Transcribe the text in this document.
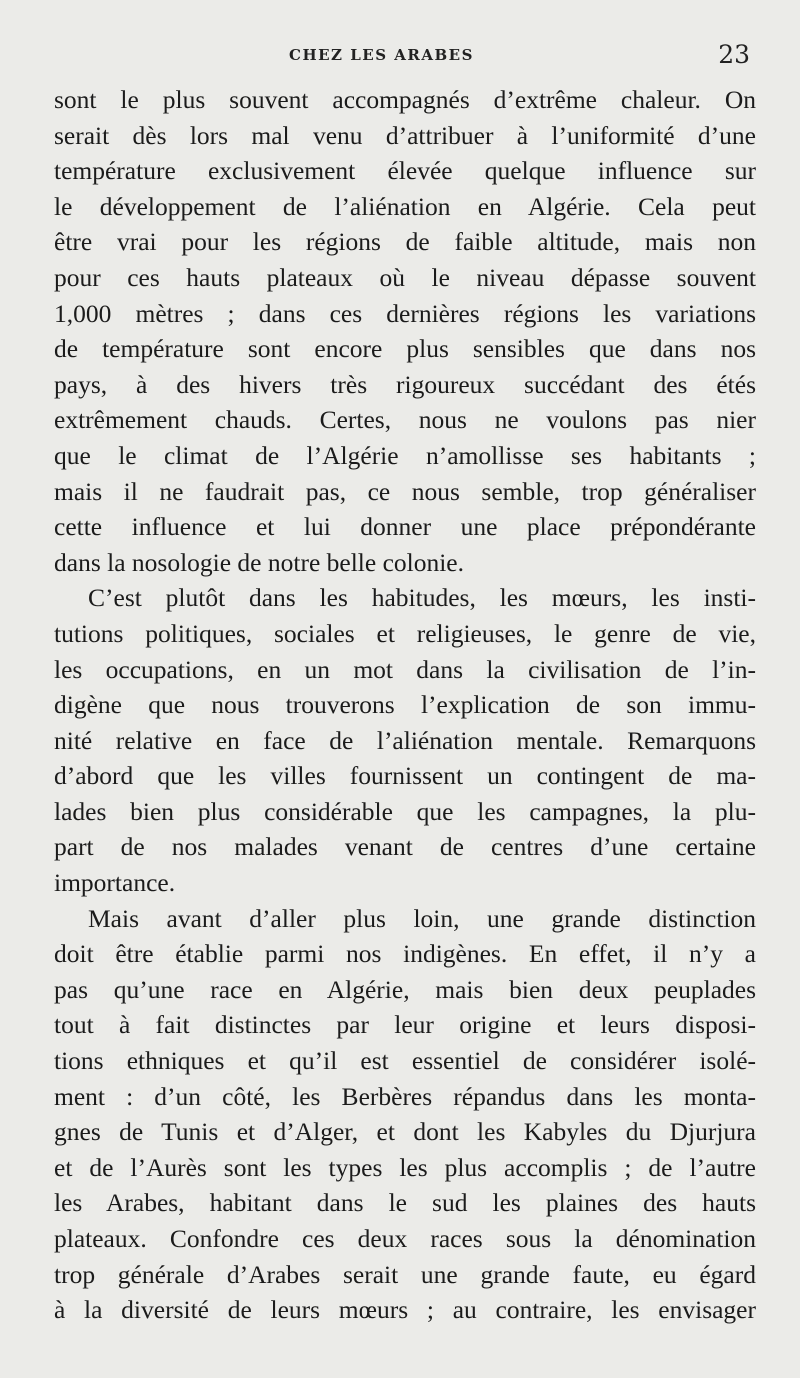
CHEZ LES ARABES	23
sont le plus souvent accompagnés d’extrême chaleur. On
serait dès lors mal venu d’attribuer à l’uniformité d’une
température exclusivement élevée quelque influence sur
le développement de l’aliénation en Algérie. Cela peut
être vrai pour les régions de faible altitude, mais non
pour ces hauts plateaux où le niveau dépasse souvent
1,000 mètres ; dans ces dernières régions les variations
de température sont encore plus sensibles que dans nos
pays, à des hivers très rigoureux succédant des étés
extrêmement chauds. Certes, nous ne voulons pas nier
que le climat de l’Algérie n’amollisse ses habitants ;
mais il ne faudrait pas, ce nous semble, trop généraliser
cette influence et lui donner une place prépondérante
dans la nosologie de notre belle colonie.
C’est plutôt dans les habitudes, les mœurs, les insti-
tutions politiques, sociales et religieuses, le genre de vie,
les occupations, en un mot dans la civilisation de l’in-
digène que nous trouverons l’explication de son immu-
nité relative en face de l’aliénation mentale. Remarquons
d’abord que les villes fournissent un contingent de ma-
lades bien plus considérable que les campagnes, la plu-
part de nos malades venant de centres d’une certaine
importance.
Mais avant d’aller plus loin, une grande distinction
doit être établie parmi nos indigènes. En effet, il n’y a
pas qu’une race en Algérie, mais bien deux peuplades
tout à fait distinctes par leur origine et leurs disposi-
tions ethniques et qu’il est essentiel de considérer isolé-
ment : d’un côté, les Berbères répandus dans les monta-
gnes de Tunis et d’Alger, et dont les Kabyles du Djurjura
et de l’Aurès sont les types les plus accomplis ; de l’autre
les Arabes, habitant dans le sud les plaines des hauts
plateaux. Confondre ces deux races sous la dénomination
trop générale d’Arabes serait une grande faute, eu égard
à la diversité de leurs mœurs ; au contraire, les envisager
